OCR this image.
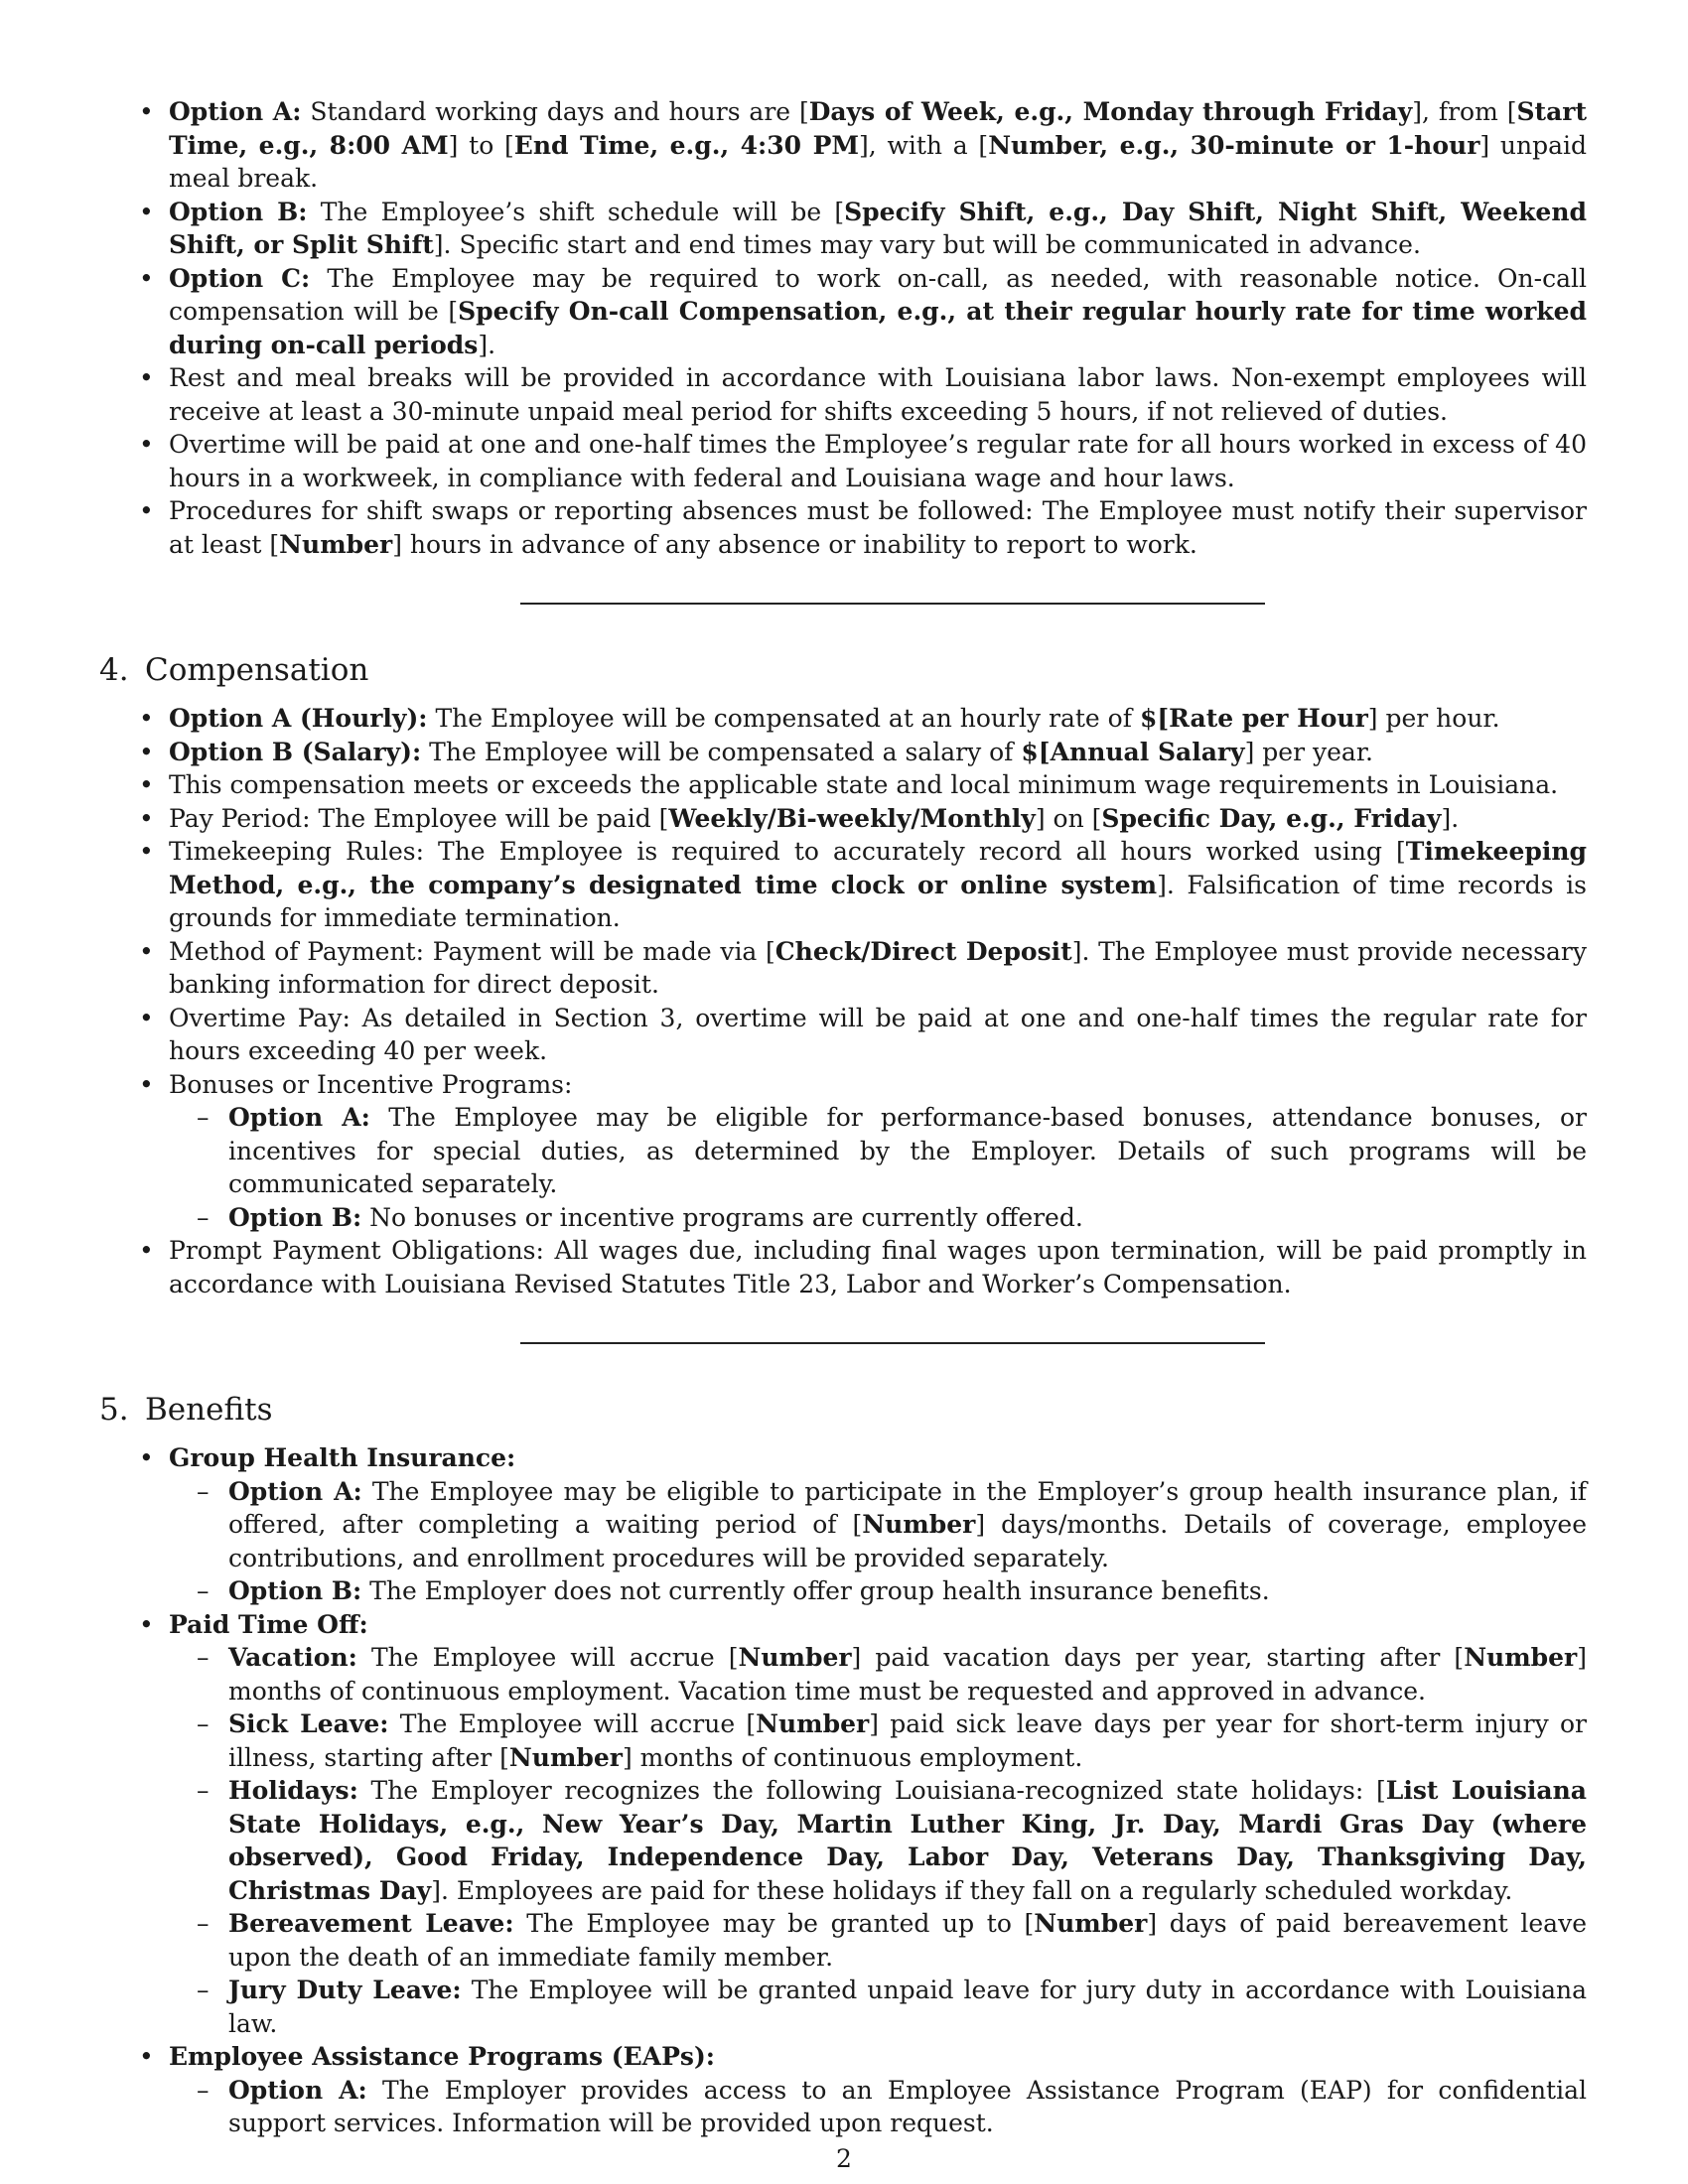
• Option A: Standard working days and hours are [Days of Week, e.g., Monday through Friday], from [Start Time, e.g., 8:00 AM] to [End Time, e.g., 4:30 PM], with a [Number, e.g., 30-minute or 1-hour] unpaid meal break.
• Option B: The Employee’s shift schedule will be [Specify Shift, e.g., Day Shift, Night Shift, Weekend Shift, or Split Shift]. Specific start and end times may vary but will be communicated in advance.
• Option C: The Employee may be required to work on-call, as needed, with reasonable notice. On-call compensation will be [Specify On-call Compensation, e.g., at their regular hourly rate for time worked during on-call periods].
• Rest and meal breaks will be provided in accordance with Louisiana labor laws. Non-exempt employees will receive at least a 30-minute unpaid meal period for shifts exceeding 5 hours, if not relieved of duties.
• Overtime will be paid at one and one-half times the Employee’s regular rate for all hours worked in excess of 40 hours in a workweek, in compliance with federal and Louisiana wage and hour laws.
• Procedures for shift swaps or reporting absences must be followed: The Employee must notify their supervisor at least [Number] hours in advance of any absence or inability to report to work.
4. Compensation
• Option A (Hourly): The Employee will be compensated at an hourly rate of $[Rate per Hour] per hour.
• Option B (Salary): The Employee will be compensated a salary of $[Annual Salary] per year.
• This compensation meets or exceeds the applicable state and local minimum wage requirements in Louisiana.
• Pay Period: The Employee will be paid [Weekly/Bi-weekly/Monthly] on [Specific Day, e.g., Friday].
• Timekeeping Rules: The Employee is required to accurately record all hours worked using [Timekeeping Method, e.g., the company’s designated time clock or online system]. Falsification of time records is grounds for immediate termination.
• Method of Payment: Payment will be made via [Check/Direct Deposit]. The Employee must provide necessary banking information for direct deposit.
• Overtime Pay: As detailed in Section 3, overtime will be paid at one and one-half times the regular rate for hours exceeding 40 per week.
• Bonuses or Incentive Programs:
– Option A: The Employee may be eligible for performance-based bonuses, attendance bonuses, or incentives for special duties, as determined by the Employer. Details of such programs will be communicated separately.
– Option B: No bonuses or incentive programs are currently offered.
• Prompt Payment Obligations: All wages due, including final wages upon termination, will be paid promptly in accordance with Louisiana Revised Statutes Title 23, Labor and Worker’s Compensation.
5. Benefits
• Group Health Insurance:
– Option A: The Employee may be eligible to participate in the Employer’s group health insurance plan, if offered, after completing a waiting period of [Number] days/months. Details of coverage, employee contributions, and enrollment procedures will be provided separately.
– Option B: The Employer does not currently offer group health insurance benefits.
• Paid Time Off:
– Vacation: The Employee will accrue [Number] paid vacation days per year, starting after [Number] months of continuous employment. Vacation time must be requested and approved in advance.
– Sick Leave: The Employee will accrue [Number] paid sick leave days per year for short-term injury or illness, starting after [Number] months of continuous employment.
– Holidays: The Employer recognizes the following Louisiana-recognized state holidays: [List Louisiana State Holidays, e.g., New Year’s Day, Martin Luther King, Jr. Day, Mardi Gras Day (where observed), Good Friday, Independence Day, Labor Day, Veterans Day, Thanksgiving Day, Christmas Day]. Employees are paid for these holidays if they fall on a regularly scheduled workday.
– Bereavement Leave: The Employee may be granted up to [Number] days of paid bereavement leave upon the death of an immediate family member.
– Jury Duty Leave: The Employee will be granted unpaid leave for jury duty in accordance with Louisiana law.
• Employee Assistance Programs (EAPs):
– Option A: The Employer provides access to an Employee Assistance Program (EAP) for confidential support services. Information will be provided upon request.
2
